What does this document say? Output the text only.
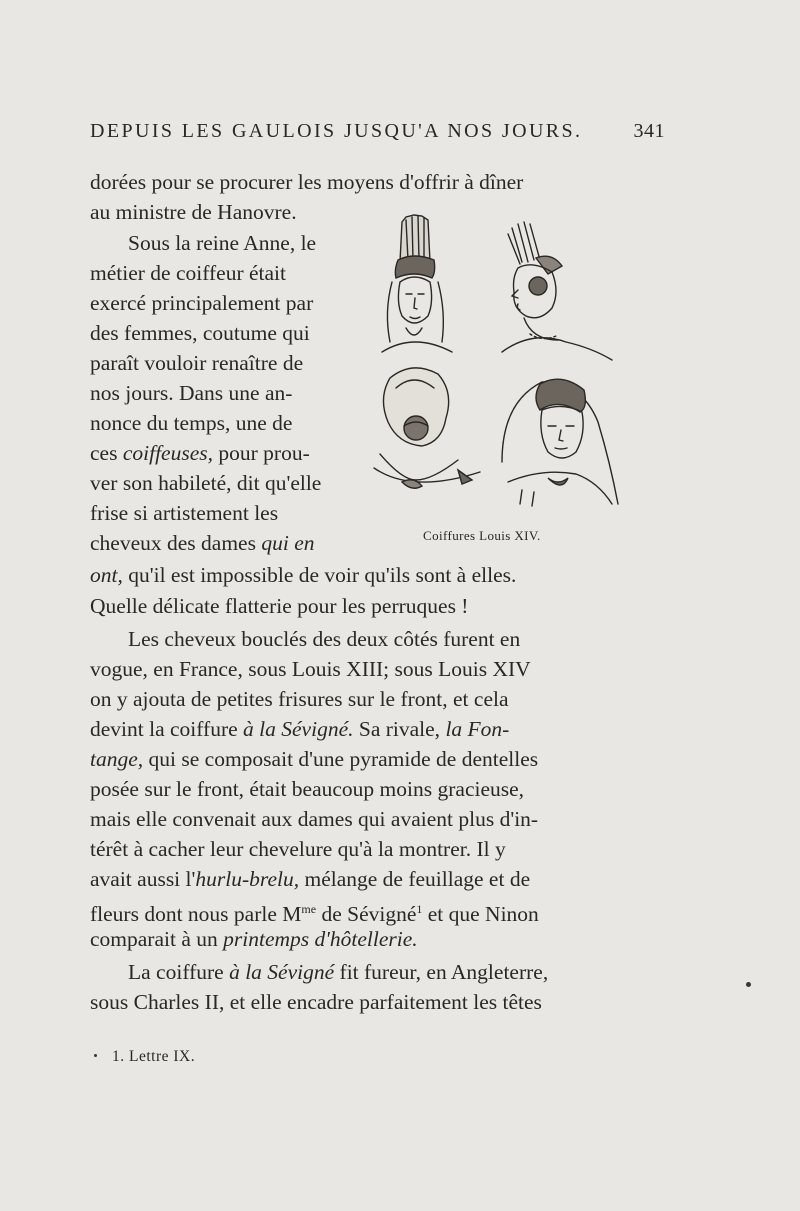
DEPUIS LES GAULOIS JUSQU'A NOS JOURS.	341
dorées pour se procurer les moyens d'offrir à dîner
au ministre de Hanovre.
Sous la reine Anne, le
métier de coiffeur était
exercé principalement par
des femmes, coutume qui
paraît vouloir renaître de
nos jours. Dans une an-
nonce du temps, une de
ces coiffeuses, pour prou-
ver son habileté, dit qu'elle
frise si artistement les
cheveux des dames qui en
ont, qu'il est impossible de voir qu'ils sont à elles.
Quelle délicate flatterie pour les perruques !
Les cheveux bouclés des deux côtés furent en
vogue, en France, sous Louis XIII; sous Louis XIV
on y ajouta de petites frisures sur le front, et cela
devint la coiffure à la Sévigné. Sa rivale, la Fon-
tange, qui se composait d'une pyramide de dentelles
posée sur le front, était beaucoup moins gracieuse,
mais elle convenait aux dames qui avaient plus d'in-
térêt à cacher leur chevelure qu'à la montrer. Il y
avait aussi l'hurlu-brelu, mélange de feuillage et de
fleurs dont nous parle $M^{me}$ de Sévigné$^1$ et que Ninon
comparait à un printemps d'hôtellerie.
La coiffure à la Sévigné fit fureur, en Angleterre,
sous Charles II, et elle encadre parfaitement les têtes
Coiffures Louis XIV.
1. Lettre IX.
